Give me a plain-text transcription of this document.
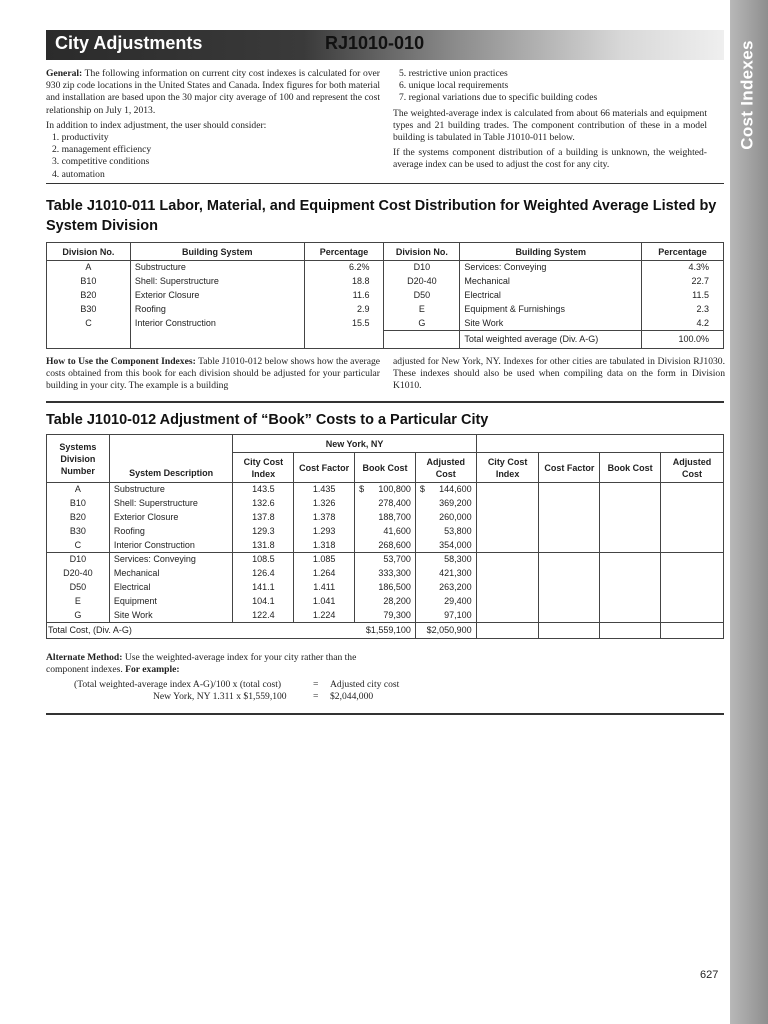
Cost Indexes
City Adjustments	RJ1010-010

General: The following information on current city cost indexes is calculated for over 930 zip code locations in the United States and Canada. Index figures for both material and installation are based upon the 30 major city average of 100 and represent the cost relationship on July 1, 2013.

In addition to index adjustment, the user should consider:

1. productivity
2. management efficiency
3. competitive conditions
4. automation
5. restrictive union practices
6. unique local requirements
7. regional variations due to specific building codes

The weighted-average index is calculated from about 66 materials and equipment types and 21 building trades. The component contribution of these in a model building is tabulated in Table J1010-011 below.

If the systems component distribution of a building is unknown, the weighted-average index can be used to adjust the cost for any city.

Table J1010-011 Labor, Material, and Equipment Cost Distribution for Weighted Average Listed by System Division
Division No.	Building System	Percentage	Division No.	Building System	Percentage
A	Substructure	6.2%	D10	Services: Conveying	4.3%
B10	Shell: Superstructure	18.8	D20-40	Mechanical	22.7
B20	Exterior Closure	11.6	D50	Electrical	11.5
B30	Roofing	2.9	E	Equipment & Furnishings	2.3
C	Interior Construction	15.5	G	Site Work	4.2
				Total weighted average (Div. A-G)	100.0%

How to Use the Component Indexes: Table J1010-012 below shows how the average costs obtained from this book for each division should be adjusted for your particular building in your city. The example is a building

adjusted for New York, NY. Indexes for other cities are tabulated in Division RJ1030. These indexes should also be used when compiling data on the form in Division K1010.

Table J1010-012 Adjustment of “Book” Costs to a Particular City
Systems Division Number	System Description	New York, NY							
		City Cost Index	Cost Factor	Book Cost	Adjusted Cost	City Cost Index	Cost Factor	Book Cost	Adjusted Cost
A	Substructure	143.5	1.435	$ 100,800	$ 144,600				
B10	Shell: Superstructure	132.6	1.326	278,400	369,200				
B20	Exterior Closure	137.8	1.378	188,700	260,000				
B30	Roofing	129.3	1.293	41,600	53,800				
C	Interior Construction	131.8	1.318	268,600	354,000				
D10	Services: Conveying	108.5	1.085	53,700	58,300				
D20-40	Mechanical	126.4	1.264	333,300	421,300				
D50	Electrical	141.1	1.411	186,500	263,200				
E	Equipment	104.1	1.041	28,200	29,400				
G	Site Work	122.4	1.224	79,300	97,100				
Total Cost, (Div. A-G) $1,559,100					$2,050,900				
Alternate Method: Use the weighted-average index for your city rather than the component indexes. For example:
(Total weighted-average index A-G)/100 x (total cost)	= Adjusted city cost
New York, NY 1.311 x $1,559,100	= $2,044,000
627
